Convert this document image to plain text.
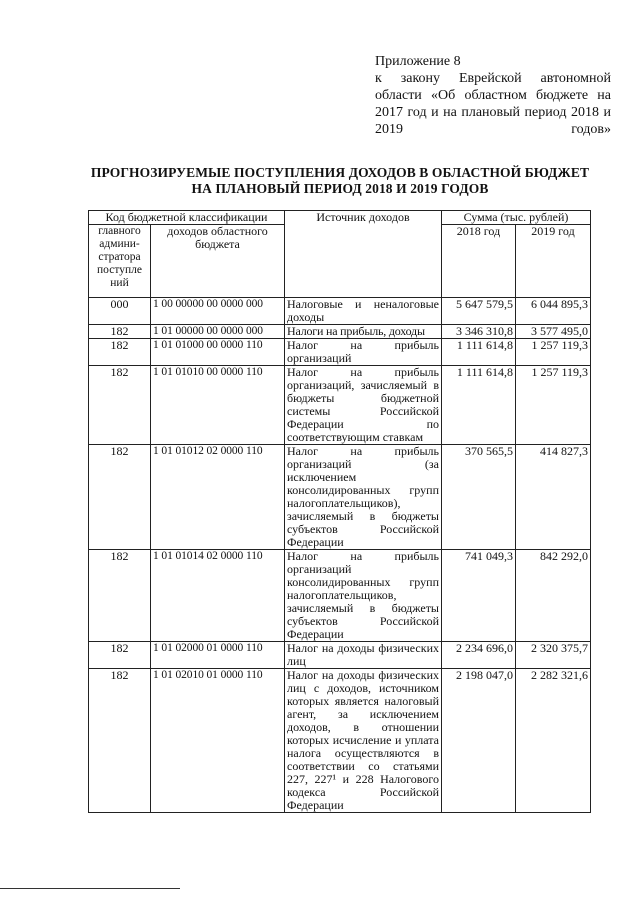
Приложение 8
к закону Еврейской автономной области «Об областном бюджете на 2017 год и на плановый период 2018 и 2019 годов»
ПРОГНОЗИРУЕМЫЕ ПОСТУПЛЕНИЯ ДОХОДОВ В ОБЛАСТНОЙ БЮДЖЕТ
НА ПЛАНОВЫЙ ПЕРИОД 2018 И 2019 ГОДОВ
Код бюджетной классификации		Источник доходов	Сумма (тыс. рублей)	
главного админи-стратора поступле ний	доходов областного бюджета		2018 год	2019 год
000	1 00 00000 00 0000 000	Налоговые и неналоговые доходы	5 647 579,5	6 044 895,3
182	1 01 00000 00 0000 000	Налоги на прибыль, доходы	3 346 310,8	3 577 495,0
182	1 01 01000 00 0000 110	Налог на прибыль организаций	1 111 614,8	1 257 119,3
182	1 01 01010 00 0000 110	Налог на прибыль организаций, зачисляемый в бюджеты бюджетной системы Российской Федерации по соответствующим ставкам	1 111 614,8	1 257 119,3
182	1 01 01012 02 0000 110	Налог на прибыль организаций (за исключением консолидированных групп налогоплательщиков), зачисляемый в бюджеты субъектов Российской Федерации	370 565,5	414 827,3
182	1 01 01014 02 0000 110	Налог на прибыль организаций консолидированных групп налогоплательщиков, зачисляемый в бюджеты субъектов Российской Федерации	741 049,3	842 292,0
182	1 01 02000 01 0000 110	Налог на доходы физических лиц	2 234 696,0	2 320 375,7
182	1 01 02010 01 0000 110	Налог на доходы физических лиц с доходов, источником которых является налоговый агент, за исключением доходов, в отношении которых исчисление и уплата налога осуществляются в соответствии со статьями 227, 227¹ и 228 Налогового кодекса Российской Федерации	2 198 047,0	2 282 321,6
